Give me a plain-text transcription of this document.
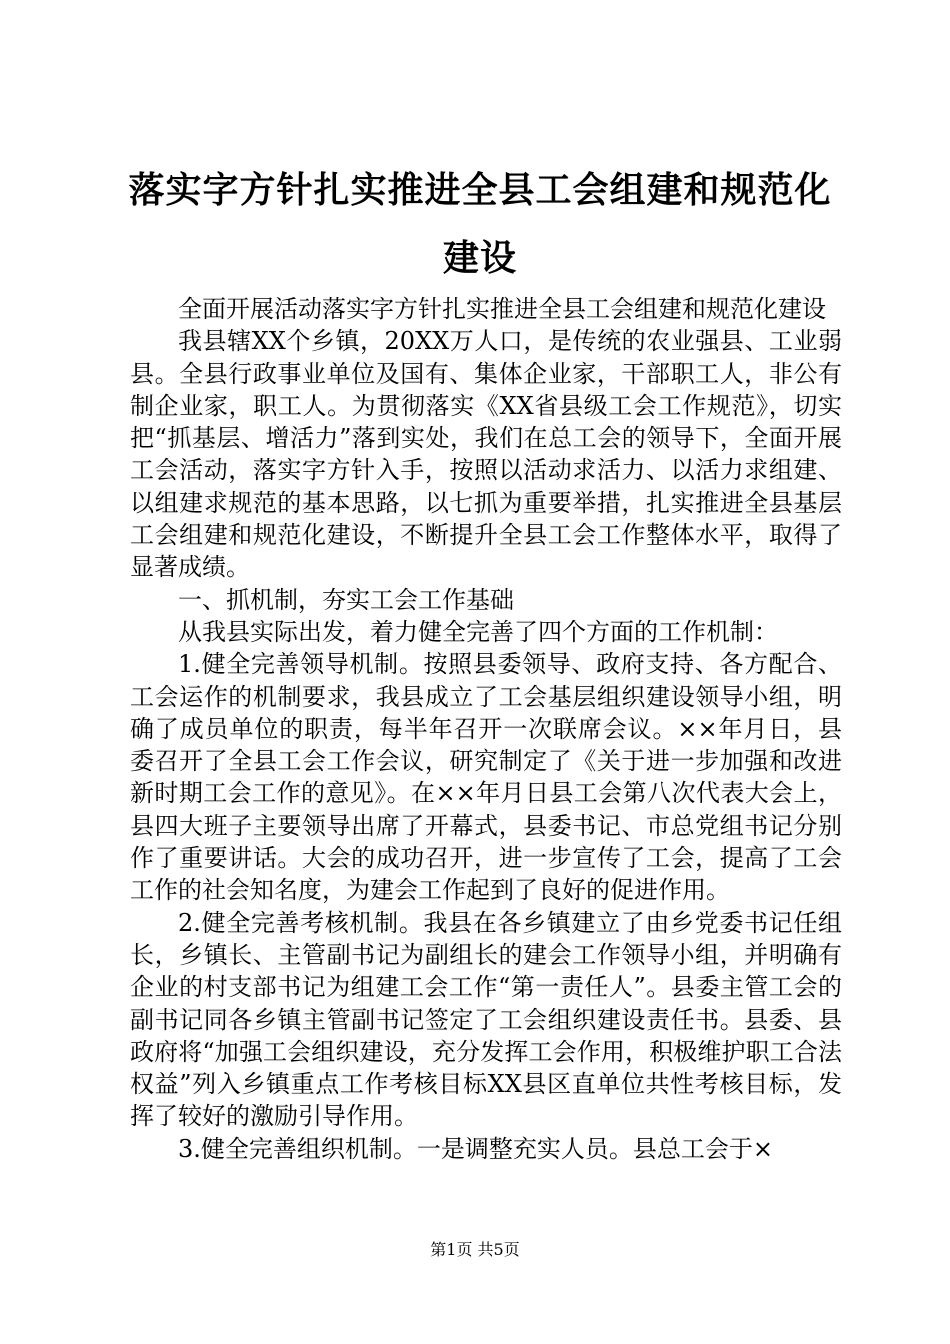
落实字方针扎实推进全县工会组建和规范化建设

全面开展活动落实字方针扎实推进全县工会组建和规范化建设

我县辖XX个乡镇，20XX万人口，是传统的农业强县、工业弱县。全县行政事业单位及国有、集体企业家，干部职工人，非公有制企业家，职工人。为贯彻落实《XX省县级工会工作规范》，切实把“抓基层、增活力”落到实处，我们在总工会的领导下，全面开展工会活动，落实字方针入手，按照以活动求活力、以活力求组建、以组建求规范的基本思路，以七抓为重要举措，扎实推进全县基层工会组建和规范化建设，不断提升全县工会工作整体水平，取得了显著成绩。

一、抓机制，夯实工会工作基础

从我县实际出发，着力健全完善了四个方面的工作机制：

1.健全完善领导机制。按照县委领导、政府支持、各方配合、工会运作的机制要求，我县成立了工会基层组织建设领导小组，明确了成员单位的职责，每半年召开一次联席会议。××年月日，县委召开了全县工会工作会议，研究制定了《关于进一步加强和改进新时期工会工作的意见》。在××年月日县工会第八次代表大会上，县四大班子主要领导出席了开幕式，县委书记、市总党组书记分别作了重要讲话。大会的成功召开，进一步宣传了工会，提高了工会工作的社会知名度，为建会工作起到了良好的促进作用。

2.健全完善考核机制。我县在各乡镇建立了由乡党委书记任组长，乡镇长、主管副书记为副组长的建会工作领导小组，并明确有企业的村支部书记为组建工会工作“第一责任人”。县委主管工会的副书记同各乡镇主管副书记签定了工会组织建设责任书。县委、县政府将“加强工会组织建设，充分发挥工会作用，积极维护职工合法权益”列入乡镇重点工作考核目标XX县区直单位共性考核目标，发挥了较好的激励引导作用。

3.健全完善组织机制。一是调整充实人员。县总工会于×

第1页 共5页
